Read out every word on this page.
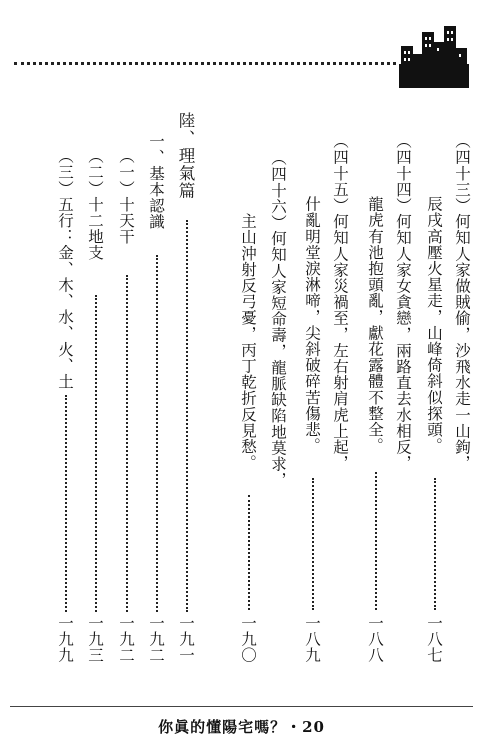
（四十三）何知人家做賊偷，沙飛水走一山鉤，
辰戌高壓火星走，山峰倚斜似探頭。
一八七
（四十四）何知人家女貪戀，兩路直去水相反，
龍虎有池抱頭亂，獻花露體不整全。
一八八
（四十五）何知人家災禍至，左右射肩虎上起，
什亂明堂淚淋啼，尖斜破碎苦傷悲。
一八九
（四十六）何知人家短命壽，龍脈缺陷地莫求，
主山沖射反弓憂，丙丁乾折反見愁。
一九〇
陸、理氣篇
一九一
一、基本認識
一九二
（一）十天干
一九二
（二）十二地支
一九三
（三）五行：金、木、水、火、土
一九九
你眞的懂陽宅嗎？・20
